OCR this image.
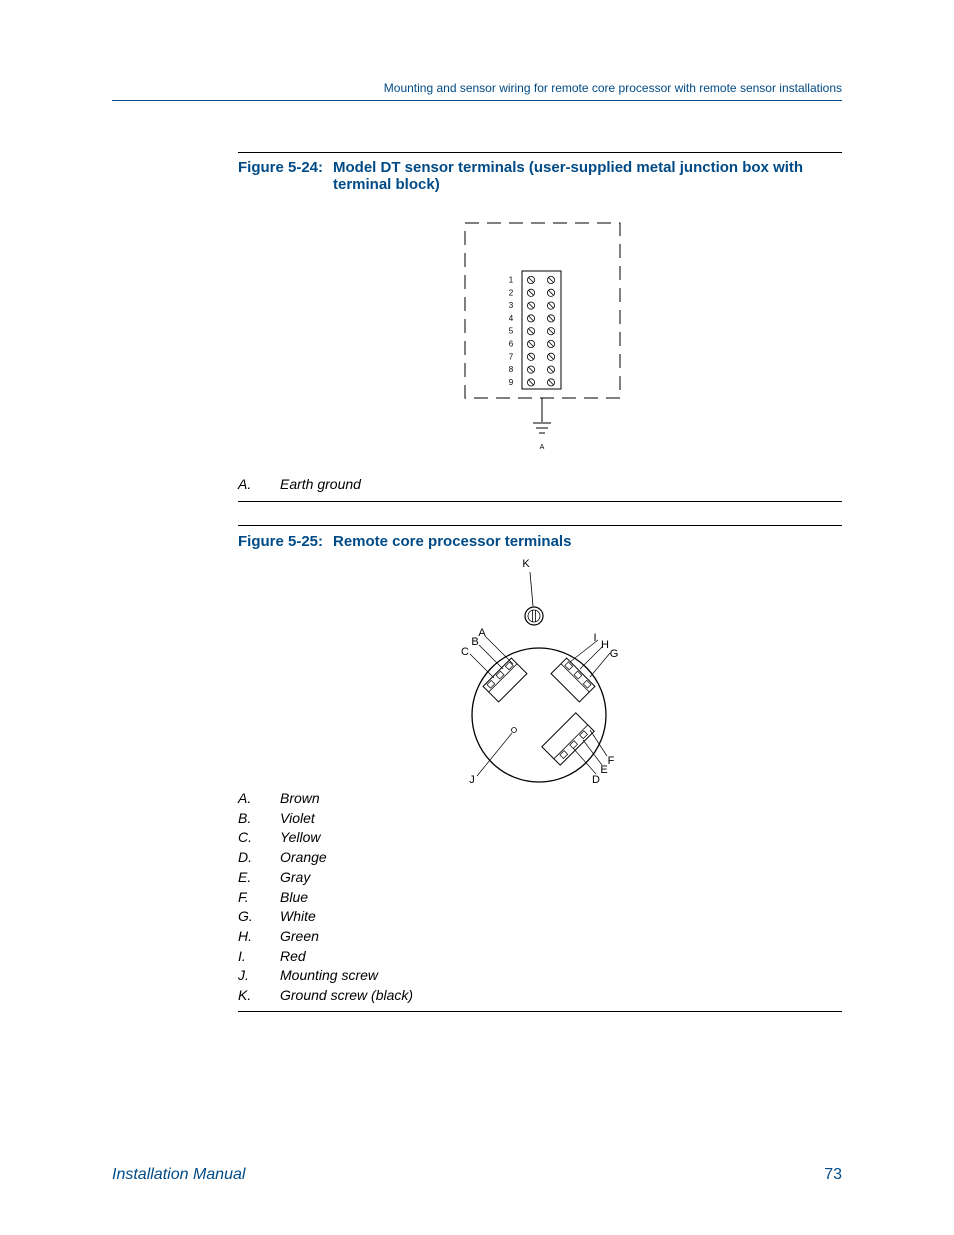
Mounting and sensor wiring for remote core processor with remote sensor installations
Figure 5-24: Model DT sensor terminals (user-supplied metal junction box with terminal block)
1
2
3
4
5
6
7
8
9
A
A.	Earth ground
Figure 5-25: Remote core processor terminals
K
A
B
C
I
H
G
F
E
D
J
A.	Brown
B.	Violet
C.	Yellow
D.	Orange
E.	Gray
F.	Blue
G.	White
H.	Green
I.	Red
J.	Mounting screw
K.	Ground screw (black)
Installation Manual	73
